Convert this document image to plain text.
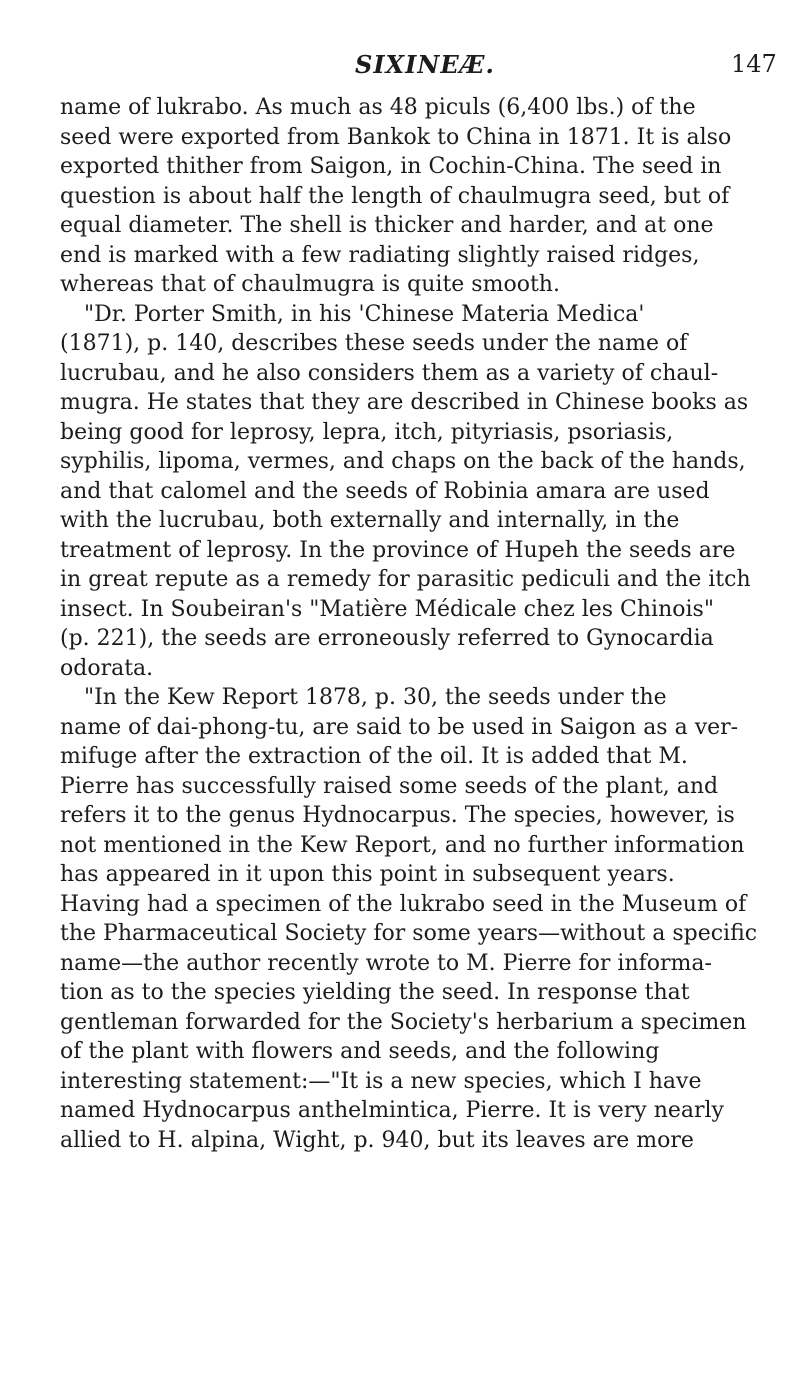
SIXINEÆ.	147
name of lukrabo. As much as 48 piculs (6,400 lbs.) of the
seed were exported from Bankok to China in 1871. It is also
exported thither from Saigon, in Cochin-China. The seed in
question is about half the length of chaulmugra seed, but of
equal diameter. The shell is thicker and harder, and at one
end is marked with a few radiating slightly raised ridges,
whereas that of chaulmugra is quite smooth.
"Dr. Porter Smith, in his 'Chinese Materia Medica'
(1871), p. 140, describes these seeds under the name of
lucrubau, and he also considers them as a variety of chaul-
mugra. He states that they are described in Chinese books as
being good for leprosy, lepra, itch, pityriasis, psoriasis,
syphilis, lipoma, vermes, and chaps on the back of the hands,
and that calomel and the seeds of Robinia amara are used
with the lucrubau, both externally and internally, in the
treatment of leprosy. In the province of Hupeh the seeds are
in great repute as a remedy for parasitic pediculi and the itch
insect. In Soubeiran's "Matière Médicale chez les Chinois"
(p. 221), the seeds are erroneously referred to Gynocardia
odorata.
"In the Kew Report 1878, p. 30, the seeds under the
name of dai-phong-tu, are said to be used in Saigon as a ver-
mifuge after the extraction of the oil. It is added that M.
Pierre has successfully raised some seeds of the plant, and
refers it to the genus Hydnocarpus. The species, however, is
not mentioned in the Kew Report, and no further information
has appeared in it upon this point in subsequent years.
Having had a specimen of the lukrabo seed in the Museum of
the Pharmaceutical Society for some years—without a specific
name—the author recently wrote to M. Pierre for informa-
tion as to the species yielding the seed. In response that
gentleman forwarded for the Society's herbarium a specimen
of the plant with flowers and seeds, and the following
interesting statement:—"It is a new species, which I have
named Hydnocarpus anthelmintica, Pierre. It is very nearly
allied to H. alpina, Wight, p. 940, but its leaves are more
